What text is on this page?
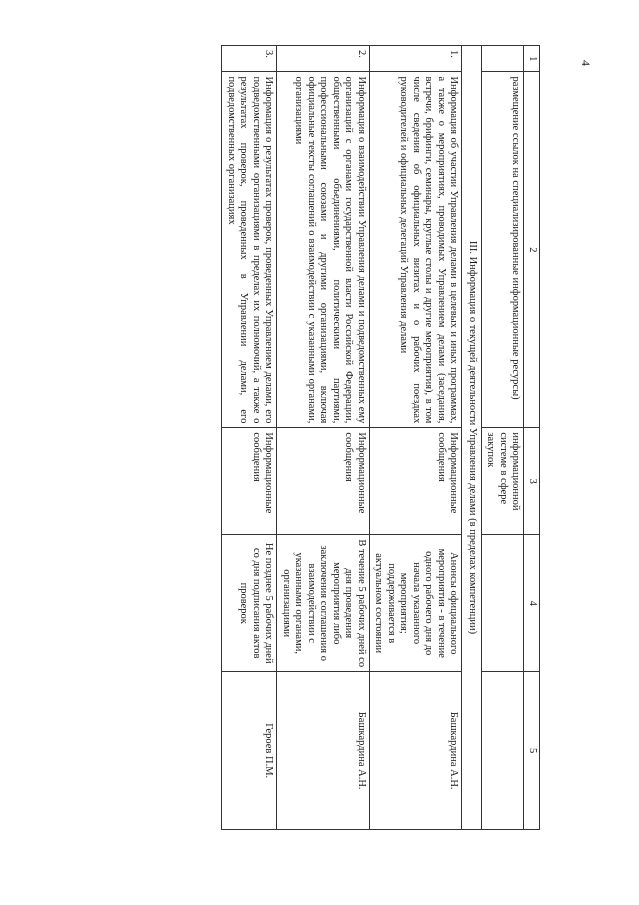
4
1	2	3	4	5
	размещение ссылок на специализированные информационные ресурсы)	информационной системе в сфере закупок		
III. Информация о текущей деятельности Управления делами (в пределах компетенции)				
1.	Информация об участии Управления делами в целевых и иных программах, а также о мероприятиях, проводимых Управлением делами (заседания, встречи, брифинги, семинары, круглые столы и другие мероприятия), в том числе сведения об официальных визитах и о рабочих поездках руководителей и официальных делегаций Управления делами	Информационные сообщения	Анонсы официального мероприятия - в течение одного рабочего дня до начала указанного мероприятия; поддерживается в актуальном состоянии	Башкардина А.Н.
2.	Информация о взаимодействии Управления делами и подведомственных ему организаций с органами государственной власти Российской Федерации, общественными объединениями, политическими партиями, профессиональными союзами и другими организациями, включая официальные тексты соглашений о взаимодействии с указанными органами, организациями	Информационные сообщения	В течение 5 рабочих дней со дня проведения мероприятия либо заключения соглашения о взаимодействии с указанными органами, организациями	Башкардина А.Н.
3.	Информация о результатах проверок, проведенных Управлением делами, его подведомственными организациями в пределах их полномочий, а также о результатах проверок, проведенных в Управлении делами, его подведомственных организациях	Информационные сообщения	Не позднее 5 рабочих дней со дня подписания актов проверок	Героев П.М.
